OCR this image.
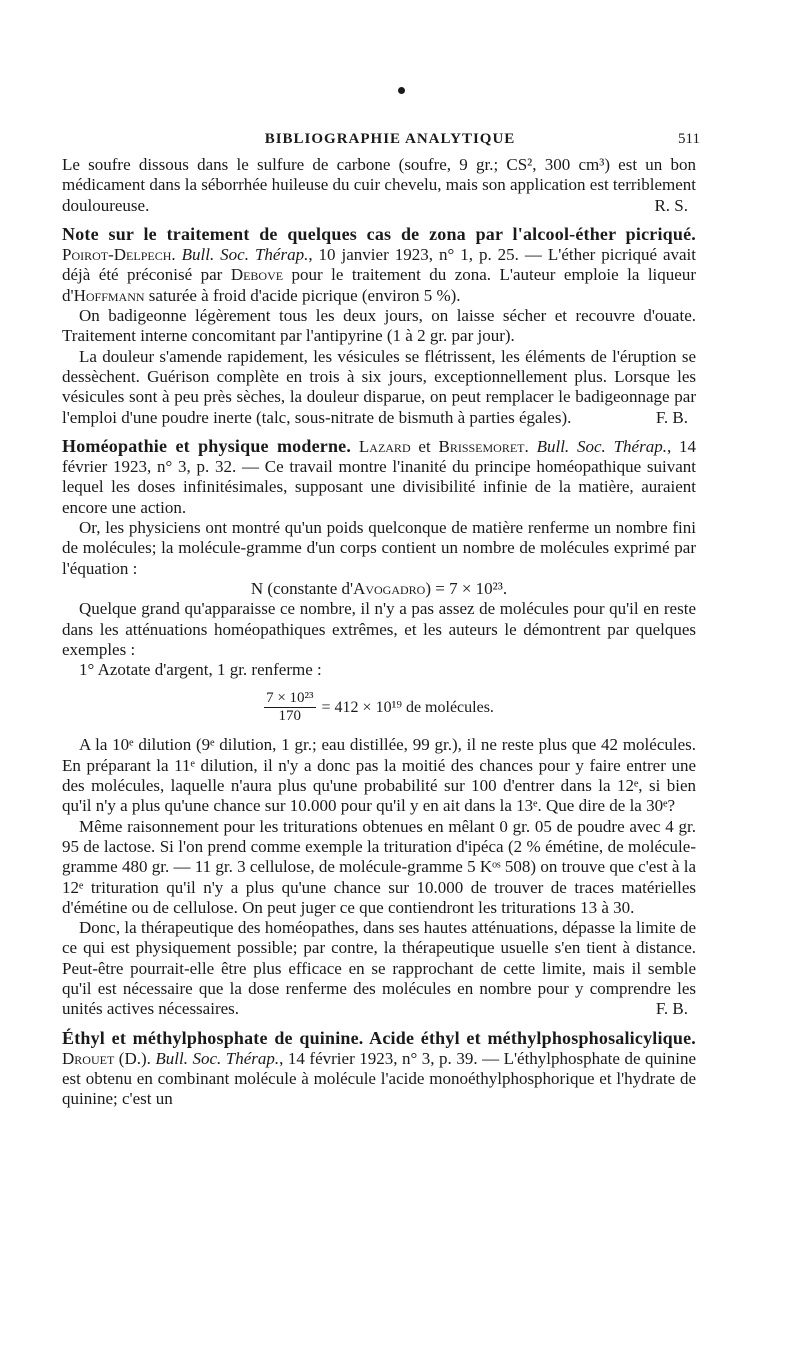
BIBLIOGRAPHIE ANALYTIQUE	511

Le soufre dissous dans le sulfure de carbone (soufre, 9 gr.; CS², 300 cm³) est un bon médicament dans la séborrhée huileuse du cuir chevelu, mais son application est terriblement douloureuse.	R. S.

Note sur le traitement de quelques cas de zona par l'alcool-éther picriqué. Poirot-Delpech. Bull. Soc. Thérap., 10 janvier 1923, n° 1, p. 25. — L'éther picriqué avait déjà été préconisé par Debove pour le traitement du zona. L'auteur emploie la liqueur d'Hoffmann saturée à froid d'acide picrique (environ 5 %).

On badigeonne légèrement tous les deux jours, on laisse sécher et recouvre d'ouate. Traitement interne concomitant par l'antipyrine (1 à 2 gr. par jour).

La douleur s'amende rapidement, les vésicules se flétrissent, les éléments de l'éruption se dessèchent. Guérison complète en trois à six jours, exceptionnellement plus. Lorsque les vésicules sont à peu près sèches, la douleur disparue, on peut remplacer le badigeonnage par l'emploi d'une poudre inerte (talc, sous-nitrate de bismuth à parties égales).	F. B.

Homéopathie et physique moderne. Lazard et Brissemoret. Bull. Soc. Thérap., 14 février 1923, n° 3, p. 32. — Ce travail montre l'inanité du principe homéopathique suivant lequel les doses infinitésimales, supposant une divisibilité infinie de la matière, auraient encore une action.

Or, les physiciens ont montré qu'un poids quelconque de matière renferme un nombre fini de molécules; la molécule-gramme d'un corps contient un nombre de molécules exprimé par l'équation :

N (constante d'Avogadro) = 7 × 10²³.

Quelque grand qu'apparaisse ce nombre, il n'y a pas assez de molécules pour qu'il en reste dans les atténuations homéopathiques extrêmes, et les auteurs le démontrent par quelques exemples :

1° Azotate d'argent, 1 gr. renferme :

$\frac{\text{7 × 10²³}}{170} = 412 \times 10^{19}$ de molécules.

A la 10ᵉ dilution (9ᵉ dilution, 1 gr.; eau distillée, 99 gr.), il ne reste plus que 42 molécules. En préparant la 11ᵉ dilution, il n'y a donc pas la moitié des chances pour y faire entrer une des molécules, laquelle n'aura plus qu'une probabilité sur 100 d'entrer dans la 12ᵉ, si bien qu'il n'y a plus qu'une chance sur 10.000 pour qu'il y en ait dans la 13ᵉ. Que dire de la 30ᵉ?

Même raisonnement pour les triturations obtenues en mêlant 0 gr. 05 de poudre avec 4 gr. 95 de lactose. Si l'on prend comme exemple la trituration d'ipéca (2 % émétine, de molécule-gramme 480 gr. — 11 gr. 3 cellulose, de molécule-gramme 5 Kᵒˢ 508) on trouve que c'est à la 12ᵉ trituration qu'il n'y a plus qu'une chance sur 10.000 de trouver de traces matérielles d'émétine ou de cellulose. On peut juger ce que contiendront les triturations 13 à 30.

Donc, la thérapeutique des homéopathes, dans ses hautes atténuations, dépasse la limite de ce qui est physiquement possible; par contre, la thérapeutique usuelle s'en tient à distance. Peut-être pourrait-elle être plus efficace en se rapprochant de cette limite, mais il semble qu'il est nécessaire que la dose renferme des molécules en nombre pour y comprendre les unités actives nécessaires.	F. B.

Éthyl et méthylphosphate de quinine. Acide éthyl et méthylphosphosalicylique. Drouet (D.). Bull. Soc. Thérap., 14 février 1923, n° 3, p. 39. — L'éthylphosphate de quinine est obtenu en combinant molécule à molécule l'acide monoéthylphosphorique et l'hydrate de quinine; c'est un
